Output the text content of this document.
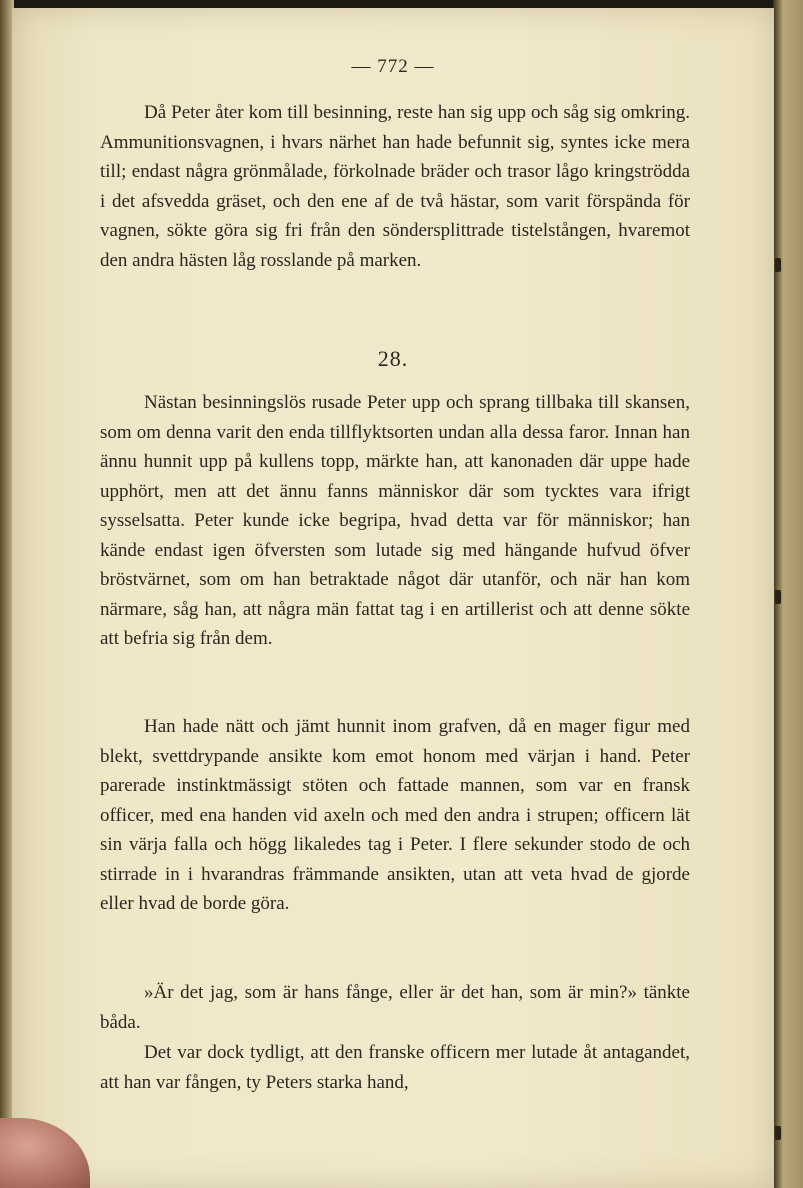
— 772 —
Då Peter åter kom till besinning, reste han sig upp och såg sig omkring. Ammunitionsvagnen, i hvars närhet han hade befunnit sig, syntes icke mera till; endast några grönmålade, förkolnade bräder och trasor lågo kringströdda i det afsvedda gräset, och den ene af de två hästar, som varit förspända för vagnen, sökte göra sig fri från den söndersplittrade tistelstången, hvaremot den andra hästen låg rosslande på marken.
28.
Nästan besinningslös rusade Peter upp och sprang tillbaka till skansen, som om denna varit den enda tillflyktsorten undan alla dessa faror. Innan han ännu hunnit upp på kullens topp, märkte han, att kanonaden där uppe hade upphört, men att det ännu fanns människor där som tycktes vara ifrigt sysselsatta. Peter kunde icke begripa, hvad detta var för människor; han kände endast igen öfversten som lutade sig med hängande hufvud öfver bröstvärnet, som om han betraktade något där utanför, och när han kom närmare, såg han, att några män fattat tag i en artillerist och att denne sökte att befria sig från dem.
Han hade nätt och jämt hunnit inom grafven, då en mager figur med blekt, svettdrypande ansikte kom emot honom med värjan i hand. Peter parerade instinktmässigt stöten och fattade mannen, som var en fransk officer, med ena handen vid axeln och med den andra i strupen; officern lät sin värja falla och högg likaledes tag i Peter. I flere sekunder stodo de och stirrade in i hvarandras främmande ansikten, utan att veta hvad de gjorde eller hvad de borde göra.
»Är det jag, som är hans fånge, eller är det han, som är min?» tänkte båda.
Det var dock tydligt, att den franske officern mer lutade åt antagandet, att han var fången, ty Peters starka hand,
